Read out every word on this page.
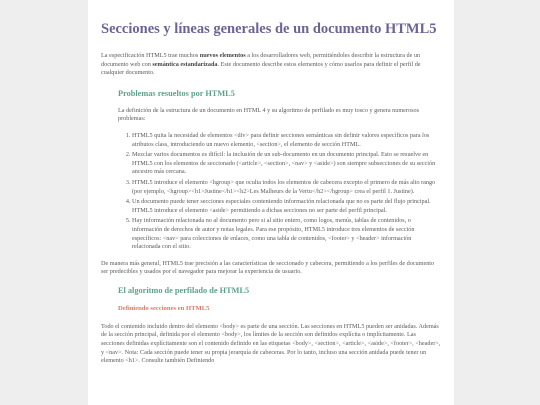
Secciones y líneas generales de un documento HTML5

La especificación HTML5 trae muchos nuevos elementos a los desarrolladores web, permitiéndoles describir la estructura de un documento web con semántica estandarizada. Este documento describe estos elementos y cómo usarlos para definir el perfil de cualquier documento.

Problemas resueltos por HTML5

La definición de la estructura de un documento en HTML 4 y su algoritmo de perfilado es muy tosco y genera numerosos problemas:

1. HTML5 quita la necesidad de elementos <div> para definir secciones semánticas sin definir valores específicos para los atributos class, introduciendo un nuevo elemento, <section>, el elemento de sección HTML.
2. Mezclar varios documentos es difícil: la inclusión de un sub-documento en un documento principal. Esto se resuelve en HTML5 con los elementos de seccionado (<article>, <section>, <nav> y <aside>) son siempre subsecciones de su sección ancestro más cercana.
3. HTML5 introduce el elemento <hgroup> que oculta todos los elementos de cabecera excepto el primero de más alto rango (por ejemplo, <hgroup><h1>Justine</h1><h2>Les Malheurs de la Vertu</h2></hgroup> crea el perfil 1. Justine).
4. Un documento puede tener secciones especiales conteniendo información relacionada que no es parte del flujo principal. HTML5 introduce el elemento <aside> permitiendo a dichas secciones no ser parte del perfil principal.
5. Hay información relacionada no al documento pero si al sitio entero, como logos, menús, tablas de contenidos, o información de derechos de autor y notas legales. Para ese propósito, HTML5 introduce tres elementos de sección específicos: <nav> para colecciones de enlaces, como una tabla de contenidos, <footer> y <header> información relacionada con el sitio.

De manera más general, HTML5 trae precisión a las características de seccionado y cabecera, permitiendo a los perfiles de documento ser predecibles y usados por el navegador para mejorar la experiencia de usuario.

El algoritmo de perfilado de HTML5
Definiendo secciones en HTML5

Todo el contenido incluido dentro del elemento <body> es parte de una sección. Las secciones en HTML5 pueden ser anidadas. Además de la sección principal, definida por el elemento <body>, los límites de la sección son definidos explícita o implícitamente. Las secciones definidas explícitamente son el contenido definido en las etiquetas <body>, <section>, <article>, <aside>, <footer>, <header>, y <nav>. Nota: Cada sección puede tener su propia jerarquía de cabeceras. Por lo tanto, incluso una sección anidada puede tener un elemento <h1>. Consulte también Definiendo
